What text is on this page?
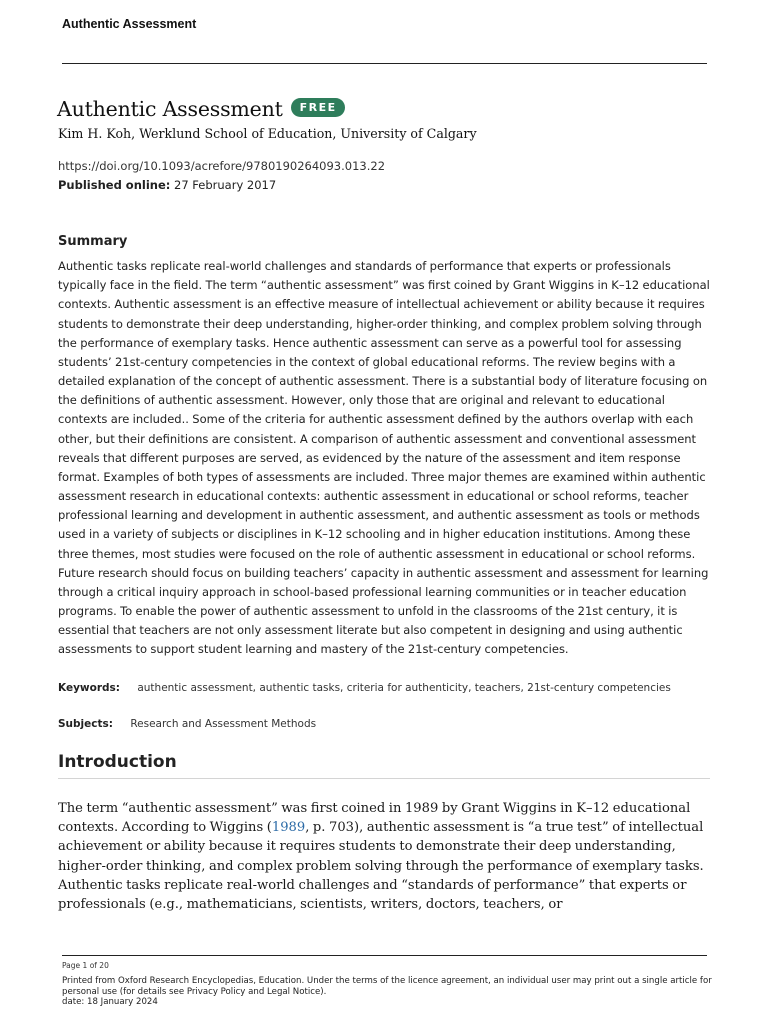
Authentic Assessment
Authentic Assessment	FREE
Kim H. Koh, Werklund School of Education, University of Calgary
https://doi.org/10.1093/acrefore/9780190264093.013.22
Published online: 27 February 2017
Summary
Authentic tasks replicate real-world challenges and standards of performance that experts or professionals typically face in the field. The term “authentic assessment” was first coined by Grant Wiggins in K–12 educational contexts. Authentic assessment is an effective measure of intellectual achievement or ability because it requires students to demonstrate their deep understanding, higher-order thinking, and complex problem solving through the performance of exemplary tasks. Hence authentic assessment can serve as a powerful tool for assessing students’ 21st-century competencies in the context of global educational reforms. The review begins with a detailed explanation of the concept of authentic assessment. There is a substantial body of literature focusing on the definitions of authentic assessment. However, only those that are original and relevant to educational contexts are included.. Some of the criteria for authentic assessment defined by the authors overlap with each other, but their definitions are consistent. A comparison of authentic assessment and conventional assessment reveals that different purposes are served, as evidenced by the nature of the assessment and item response format. Examples of both types of assessments are included. Three major themes are examined within authentic assessment research in educational contexts: authentic assessment in educational or school reforms, teacher professional learning and development in authentic assessment, and authentic assessment as tools or methods used in a variety of subjects or disciplines in K–12 schooling and in higher education institutions. Among these three themes, most studies were focused on the role of authentic assessment in educational or school reforms. Future research should focus on building teachers’ capacity in authentic assessment and assessment for learning through a critical inquiry approach in school-based professional learning communities or in teacher education programs. To enable the power of authentic assessment to unfold in the classrooms of the 21st century, it is essential that teachers are not only assessment literate but also competent in designing and using authentic assessments to support student learning and mastery of the 21st-century competencies.
Keywords: authentic assessment, authentic tasks, criteria for authenticity, teachers, 21st-century competencies
Subjects: Research and Assessment Methods
Introduction
The term “authentic assessment” was first coined in 1989 by Grant Wiggins in K–12 educational contexts. According to Wiggins (1989, p. 703), authentic assessment is “a true test” of intellectual achievement or ability because it requires students to demonstrate their deep understanding, higher-order thinking, and complex problem solving through the performance of exemplary tasks. Authentic tasks replicate real-world challenges and “standards of performance” that experts or professionals (e.g., mathematicians, scientists, writers, doctors, teachers, or
Page 1 of 20
Printed from Oxford Research Encyclopedias, Education. Under the terms of the licence agreement, an individual user may print out a single article for personal use (for details see Privacy Policy and Legal Notice).
date: 18 January 2024
